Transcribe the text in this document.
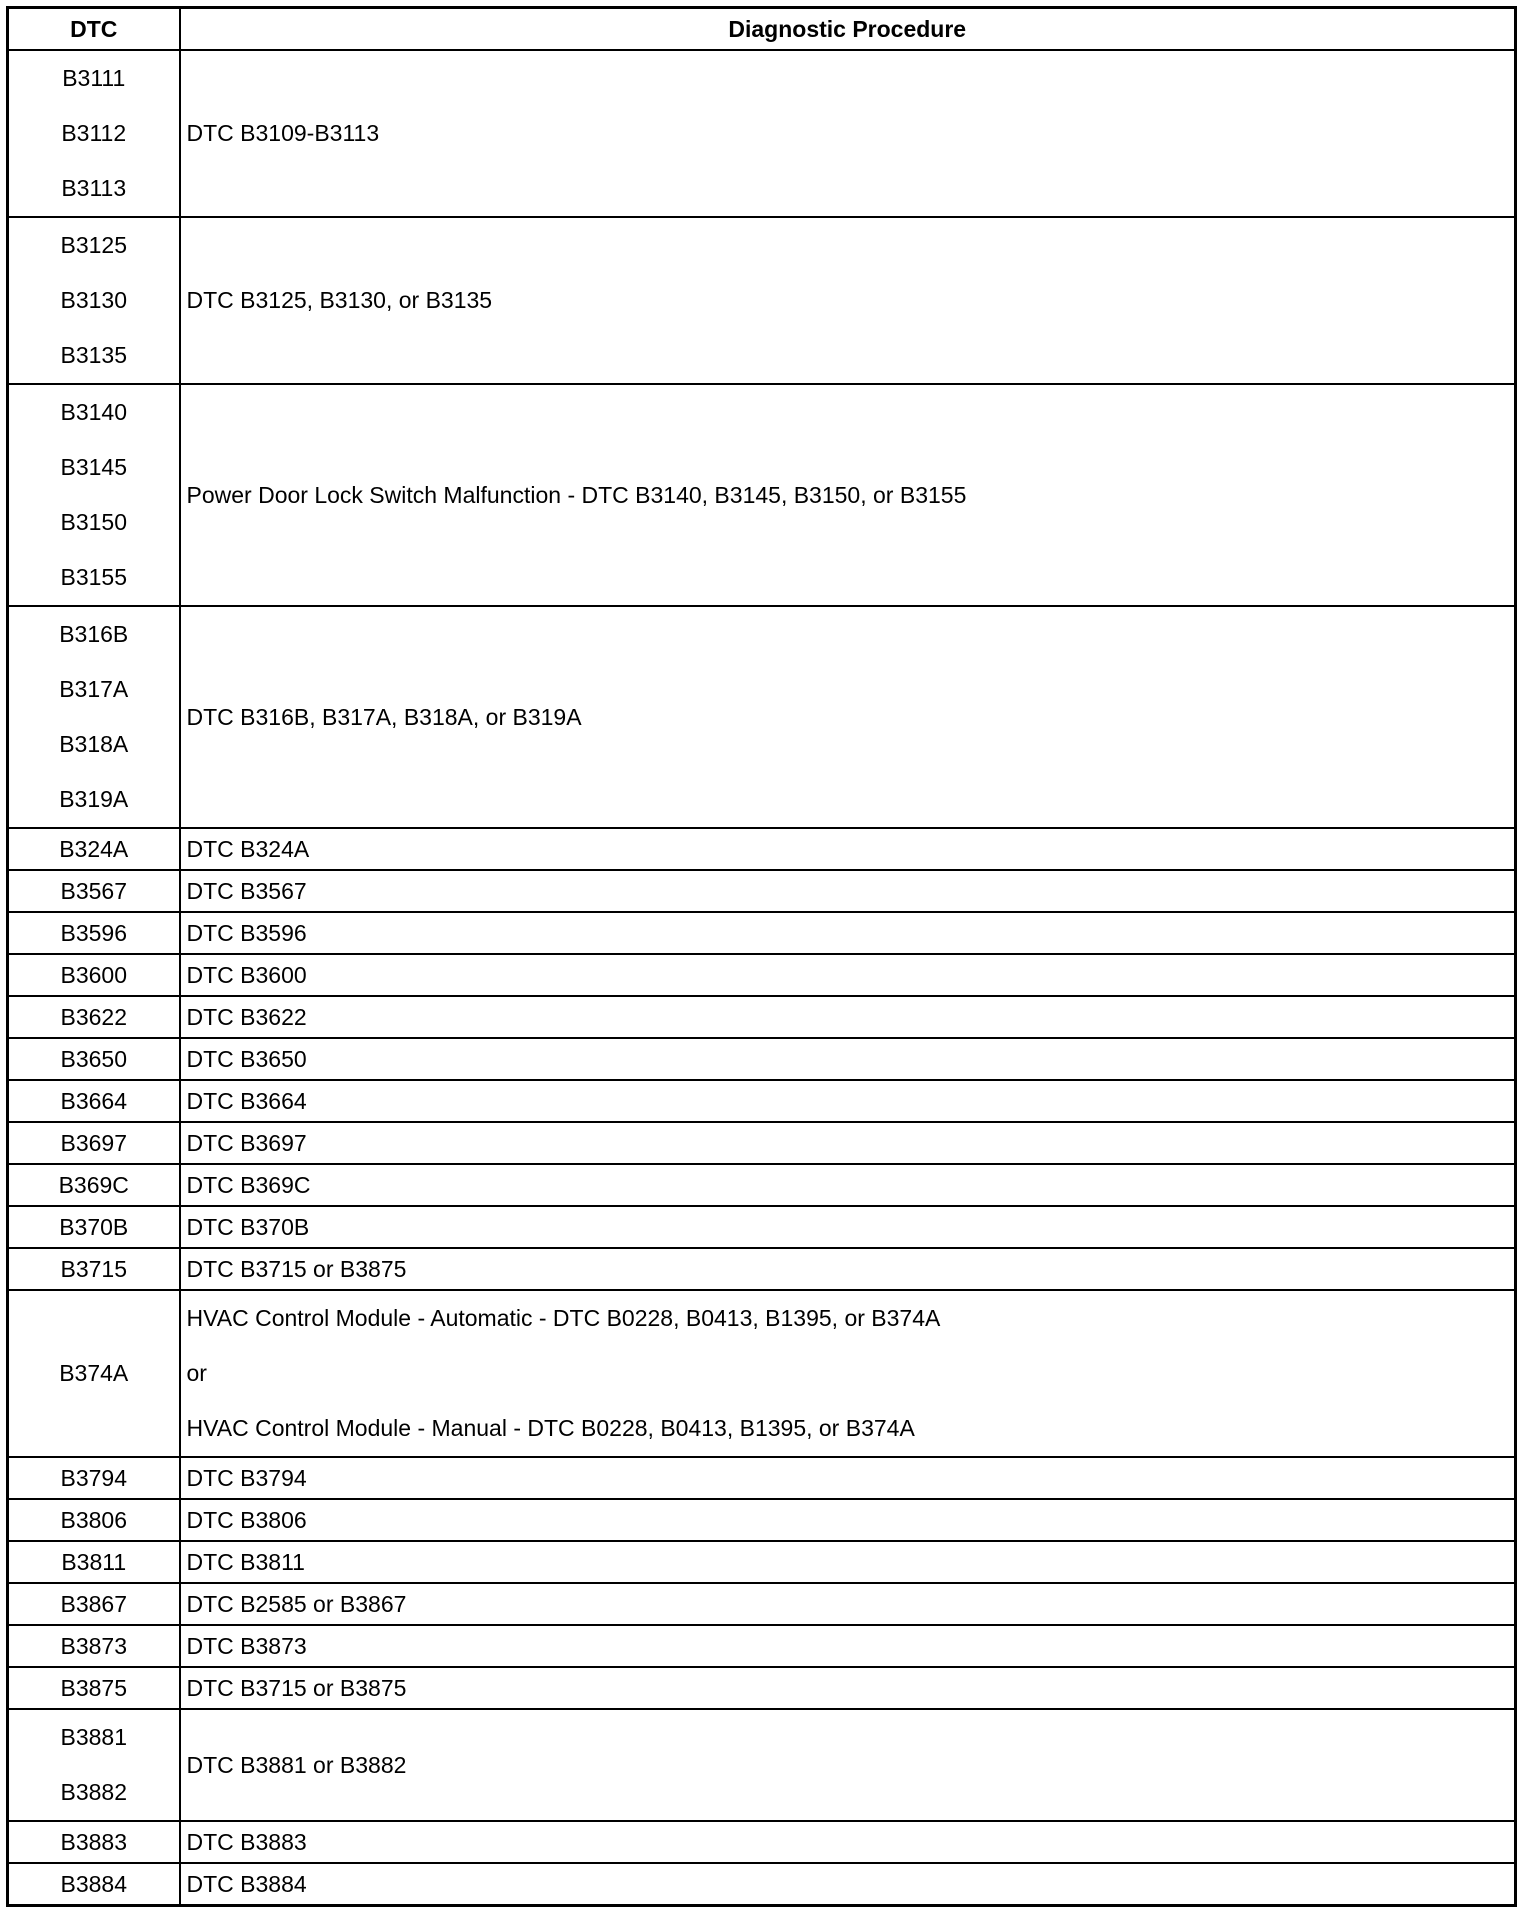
DTC	Diagnostic Procedure

B3111
B3112
B3113	DTC B3109-B3113

B3125
B3130
B3135	DTC B3125, B3130, or B3135

B3140
B3145
B3150
B3155	Power Door Lock Switch Malfunction - DTC B3140, B3145, B3150, or B3155

B316B
B317A
B318A
B319A	DTC B316B, B317A, B318A, or B319A

B324A	DTC B324A

B3567	DTC B3567

B3596	DTC B3596

B3600	DTC B3600

B3622	DTC B3622

B3650	DTC B3650

B3664	DTC B3664

B3697	DTC B3697

B369C	DTC B369C

B370B	DTC B370B

B3715	DTC B3715 or B3875

B374A	HVAC Control Module - Automatic - DTC B0228, B0413, B1395, or B374A
or
HVAC Control Module - Manual - DTC B0228, B0413, B1395, or B374A

B3794	DTC B3794

B3806	DTC B3806

B3811	DTC B3811

B3867	DTC B2585 or B3867

B3873	DTC B3873

B3875	DTC B3715 or B3875

B3881
B3882	DTC B3881 or B3882

B3883	DTC B3883

B3884	DTC B3884
